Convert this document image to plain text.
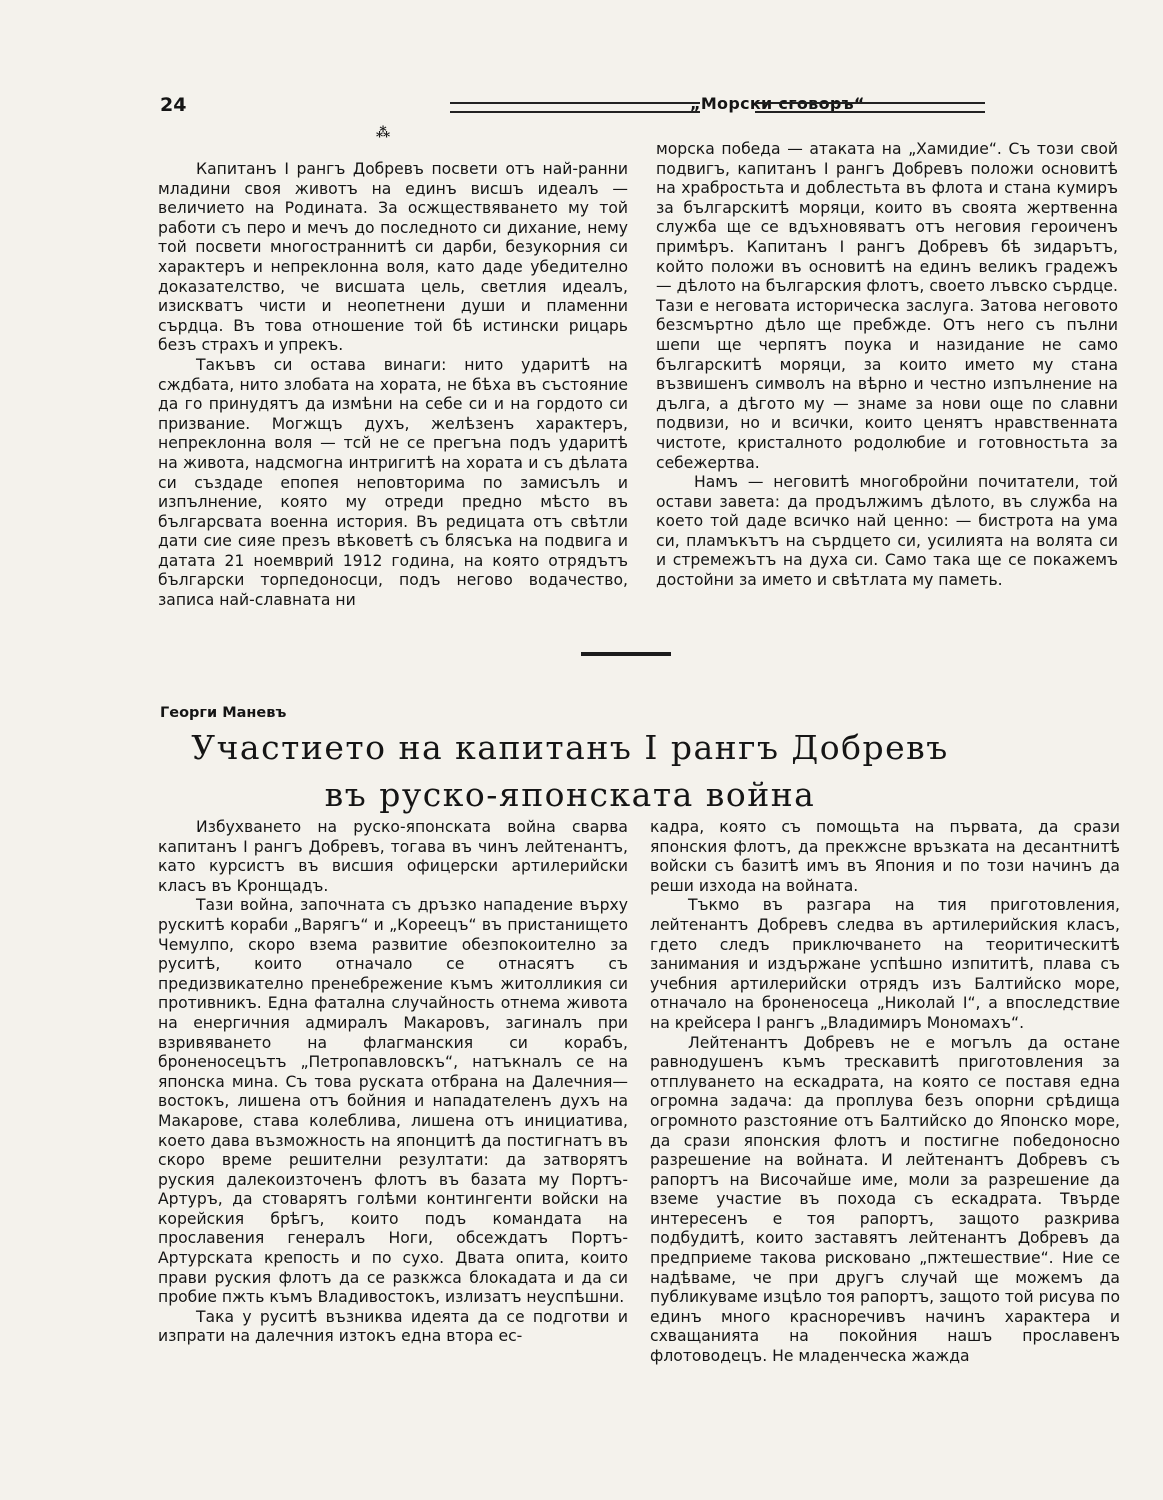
24	„Морски сговоръ“
⁂

Капитанъ I рангъ Добревъ посвети отъ най-ранни младини своя животъ на единъ висшъ идеалъ — величието на Родината. За осжществяването му той работи съ перо и мечъ до последното си дихание, нему той посвети многостраннитѣ си дарби, безукорния си характеръ и непреклонна воля, като даде убедително доказателство, че висшата цель, светлия идеалъ, изискватъ чисти и неопетнени души и пламенни сърдца. Въ това отношение той бѣ истински рицарь безъ страхъ и упрекъ.

Такъвъ си остава винаги: нито ударитѣ на сждбата, нито злобата на хората, не бѣха въ състояние да го принудятъ да измѣни на себе си и на гордото си призвание. Могжщъ духъ, желѣзенъ характеръ, непреклонна воля — тсй не се прегъна подъ ударитѣ на живота, надсмогна интригитѣ на хората и съ дѣлата си създаде епопея неповторима по замисълъ и изпълнение, която му отреди предно мѣсто въ българсвата военна история. Въ редицата отъ свѣтли дати сие сияе презъ вѣковетѣ съ блясъка на подвига и датата 21 ноемврий 1912 година, на която отрядътъ български торпедоносци, подъ негово водачество, записа най-славната ни

морска победа — атаката на „Хамидие“. Съ този свой подвигъ, капитанъ I рангъ Добревъ положи основитѣ на храбростьта и доблестьта въ флота и стана кумиръ за българскитѣ моряци, които въ своята жертвенна служба ще се вдъхновяватъ отъ неговия героиченъ примѣръ. Капитанъ I рангъ Добревъ бѣ зидарътъ, който положи въ основитѣ на единъ великъ градежъ — дѣлото на българския флотъ, своето лъвско сърдце. Тази е неговата историческа заслуга. Затова неговото безсмъртно дѣло ще пребжде. Отъ него съ пълни шепи ще черпятъ поука и назидание не само българскитѣ моряци, за които името му стана възвишенъ символъ на вѣрно и честно изпълнение на дълга, а дѣгото му — знаме за нови още по славни подвизи, но и всички, които ценятъ нравственната чистоте, кристалното родолюбие и готовностьта за себежертва.

Намъ — неговитѣ многобройни почитатели, той остави завета: да продължимъ дѣлото, въ служба на което той даде всичко най ценно: — бистрота на ума си, пламъкътъ на сърдцето си, усилията на волята си и стремежътъ на духа си. Само така ще се покажемъ достойни за името и свѣтлата му паметь.

Георги Маневъ
Участието на капитанъ I рангъ Добревъ
въ руско-японската война

Избухването на руско-японската война сварва капитанъ I рангъ Добревъ, тогава въ чинъ лейтенантъ, като курсистъ въ висшия офицерски артилерийски класъ въ Кронщадъ.

Тази война, започната съ дръзко нападение върху рускитѣ кораби „Варягъ“ и „Кореецъ“ въ пристанището Чемулпо, скоро взема развитие обезпокоително за руситѣ, които отначало се отнасятъ съ предизвикателно пренебрежение къмъ житолликия си противникъ. Една фатална случайность отнема живота на енергичния адмиралъ Макаровъ, загиналъ при взривяването на флагманския си корабъ, броненосецътъ „Петропавловскъ“, натъкналъ се на японска мина. Съ това руската отбрана на Далечния—востокъ, лишена отъ бойния и нападателенъ духъ на Макарове, става колеблива, лишена отъ инициатива, което дава възможность на японцитѣ да постигнатъ въ скоро време решителни резултати: да затворятъ руския далекоизточенъ флотъ въ базата му Портъ-Артуръ, да стоварятъ голѣми контингенти войски на корейския брѣгъ, които подъ командата на прославения генералъ Ноги, обсеждатъ Портъ-Артурската крепость и по сухо. Двата опита, които прави руския флотъ да се разкжса блокадата и да си пробие пжть къмъ Владивостокъ, излизатъ неуспѣшни.

Така у руситѣ възниква идеята да се подготви и изпрати на далечния изтокъ една втора ес-

кадра, която съ помощьта на първата, да срази японския флотъ, да прекжсне връзката на десантнитѣ войски съ базитѣ имъ въ Япония и по този начинъ да реши изхода на войната.

Тъкмо въ разгара на тия приготовления, лейтенантъ Добревъ следва въ артилерийския класъ, гдето следъ приключването на теоритическитѣ занимания и издържане успѣшно изпититѣ, плава съ учебния артилерийски отрядъ изъ Балтийско море, отначало на броненосеца „Николай I“, а впоследствие на крейсера I рангъ „Владимиръ Мономахъ“.

Лейтенантъ Добревъ не е могълъ да остане равнодушенъ къмъ трескавитѣ приготовления за отплуването на ескадрата, на която се поставя една огромна задача: да проплува безъ опорни срѣдища огромното разстояние отъ Балтийско до Японско море, да срази японския флотъ и постигне победоносно разрешение на войната. И лейтенантъ Добревъ съ рапортъ на Височайше име, моли за разрешение да вземе участие въ похода съ ескадрата. Твърде интересенъ е тоя рапортъ, защото разкрива подбудитѣ, които заставятъ лейтенантъ Добревъ да предприеме такова рисковано „пжтешествие“. Ние се надѣваме, че при другъ случай ще можемъ да публикуваме изцѣло тоя рапортъ, защото той рисува по единъ много красноречивъ начинъ характера и схващанията на покойния нашъ прославенъ флотоводецъ. Не младенческа жажда
